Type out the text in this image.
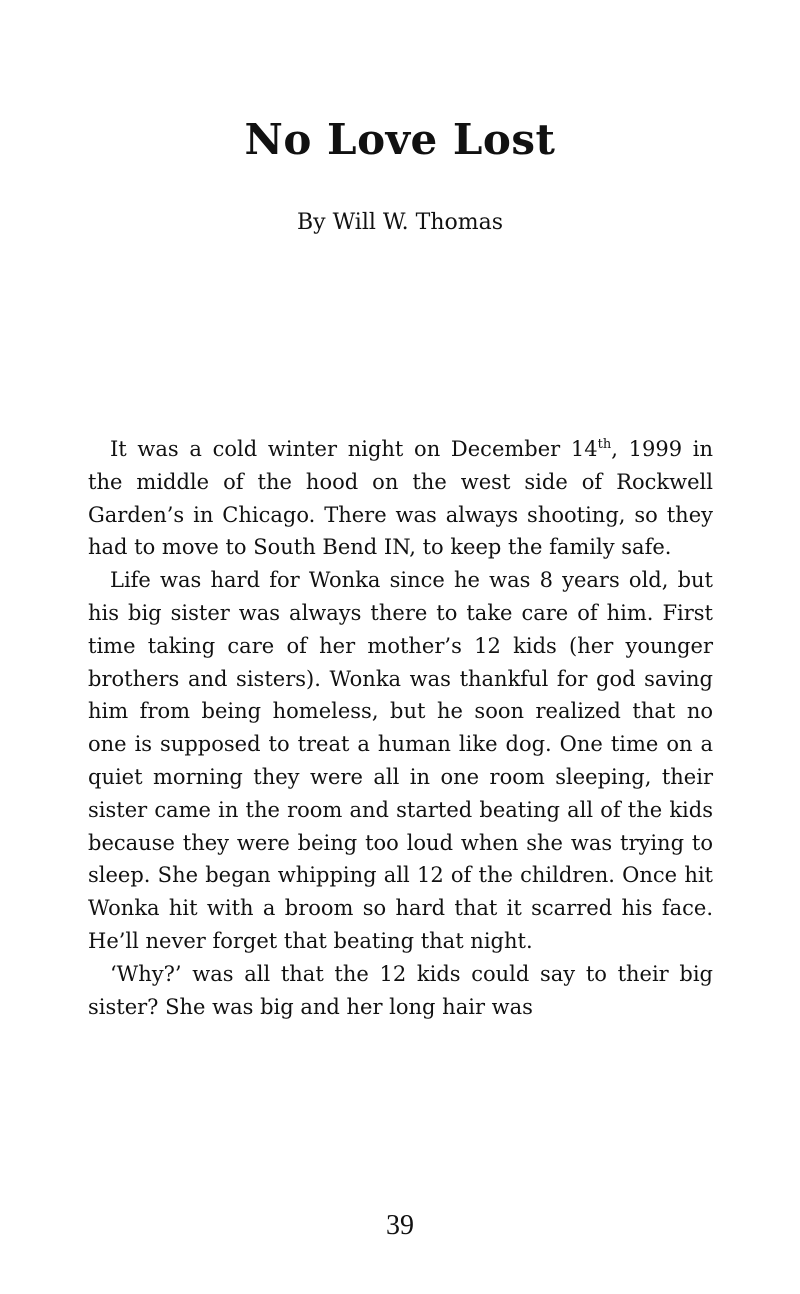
No Love Lost
By Will W. Thomas

It was a cold winter night on December 14th, 1999 in the middle of the hood on the west side of Rockwell Garden’s in Chicago. There was always shooting, so they had to move to South Bend IN, to keep the family safe.

Life was hard for Wonka since he was 8 years old, but his big sister was always there to take care of him. First time taking care of her mother’s 12 kids (her younger brothers and sisters). Wonka was thankful for god saving him from being homeless, but he soon realized that no one is supposed to treat a human like dog. One time on a quiet morning they were all in one room sleeping, their sister came in the room and started beating all of the kids because they were being too loud when she was trying to sleep. She began whipping all 12 of the children. Once hit Wonka hit with a broom so hard that it scarred his face. He’ll never forget that beating that night.

‘Why?’ was all that the 12 kids could say to their big sister? She was big and her long hair was

39
